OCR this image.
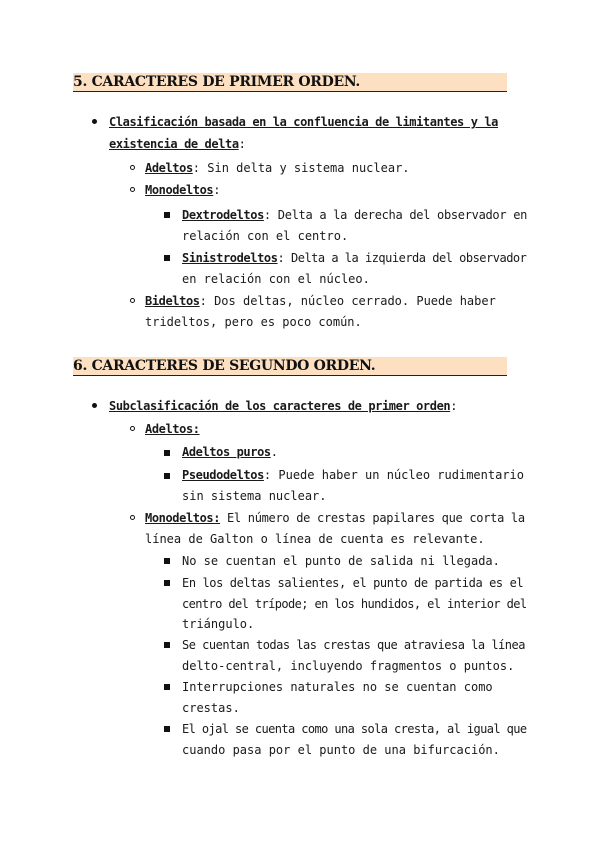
5. CARACTERES DE PRIMER ORDEN.
Clasificación basada en la confluencia de limitantes y la
existencia de delta:
Adeltos: Sin delta y sistema nuclear.
Monodeltos:
Dextrodeltos: Delta a la derecha del observador en
relación con el centro.
Sinistrodeltos: Delta a la izquierda del observador
en relación con el núcleo.
Bideltos: Dos deltas, núcleo cerrado. Puede haber
trideltos, pero es poco común.
6. CARACTERES DE SEGUNDO ORDEN.
Subclasificación de los caracteres de primer orden:
Adeltos:
Adeltos puros.
Pseudodeltos: Puede haber un núcleo rudimentario
sin sistema nuclear.
Monodeltos: El número de crestas papilares que corta la
línea de Galton o línea de cuenta es relevante.
No se cuentan el punto de salida ni llegada.
En los deltas salientes, el punto de partida es el
centro del trípode; en los hundidos, el interior del
triángulo.
Se cuentan todas las crestas que atraviesa la línea
delto-central, incluyendo fragmentos o puntos.
Interrupciones naturales no se cuentan como
crestas.
El ojal se cuenta como una sola cresta, al igual que
cuando pasa por el punto de una bifurcación.
